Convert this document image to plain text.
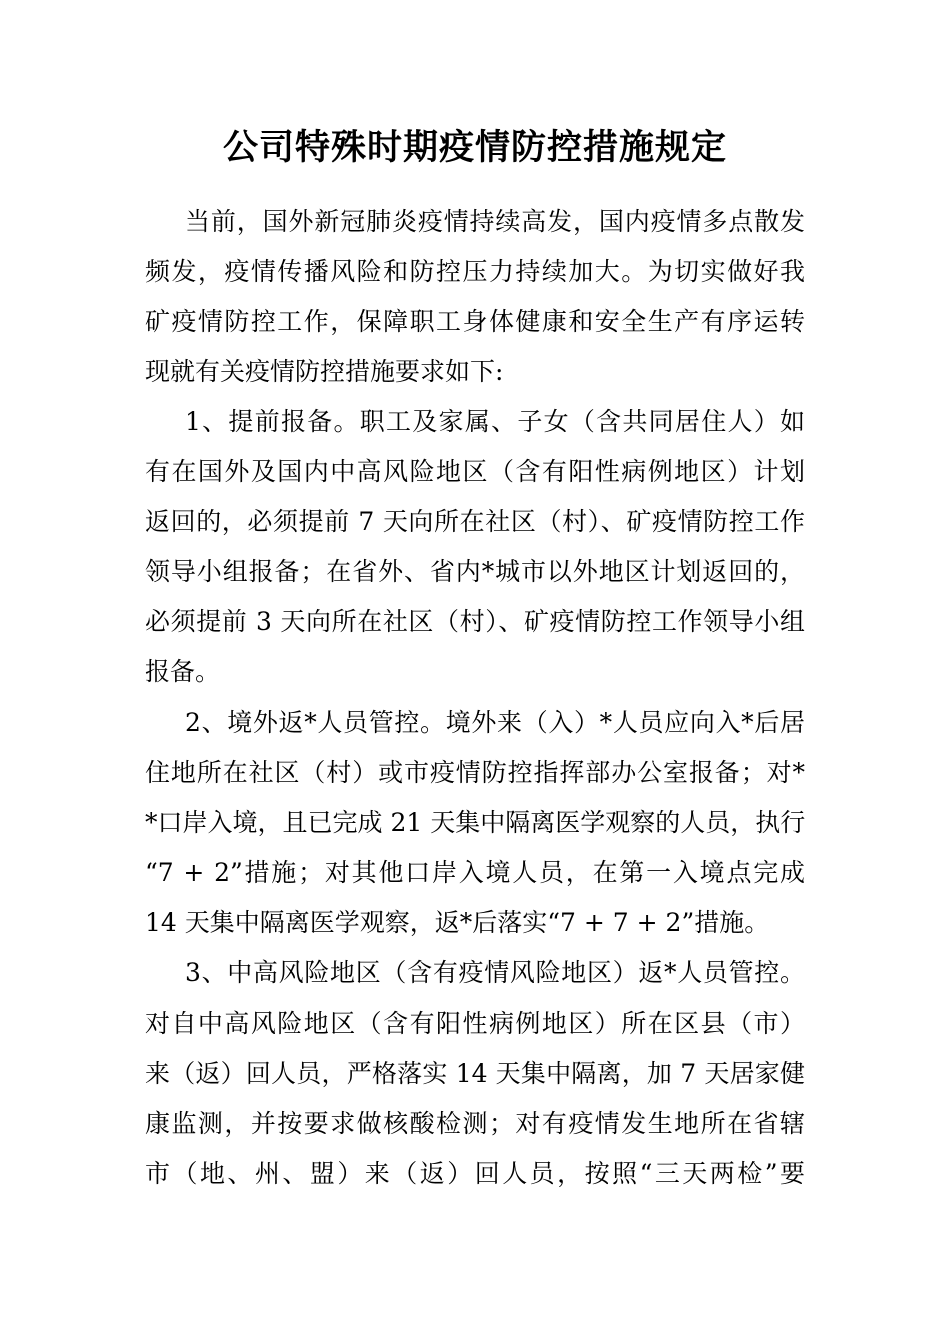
公司特殊时期疫情防控措施规定

当前，国外新冠肺炎疫情持续高发，国内疫情多点散发

频发，疫情传播风险和防控压力持续加大。为切实做好我

矿疫情防控工作，保障职工身体健康和安全生产有序运转

现就有关疫情防控措施要求如下:

1、提前报备。职工及家属、子女（含共同居住人）如

有在国外及国内中高风险地区（含有阳性病例地区）计划

返回的，必须提前 7 天向所在社区（村）、矿疫情防控工作

领导小组报备；在省外、省内*城市以外地区计划返回的，

必须提前 3 天向所在社区（村）、矿疫情防控工作领导小组

报备。

2、境外返*人员管控。境外来（入）*人员应向入*后居

住地所在社区（村）或市疫情防控指挥部办公室报备；对*

*口岸入境，且已完成 21 天集中隔离医学观察的人员，执行

“7 + 2”措施；对其他口岸入境人员，在第一入境点完成

14 天集中隔离医学观察，返*后落实“7 + 7 + 2”措施。

3、中高风险地区（含有疫情风险地区）返*人员管控。

对自中高风险地区（含有阳性病例地区）所在区县（市）

来（返）回人员，严格落实 14 天集中隔离，加 7 天居家健

康监测，并按要求做核酸检测；对有疫情发生地所在省辖

市（地、州、盟）来（返）回人员，按照“三天两检”要
